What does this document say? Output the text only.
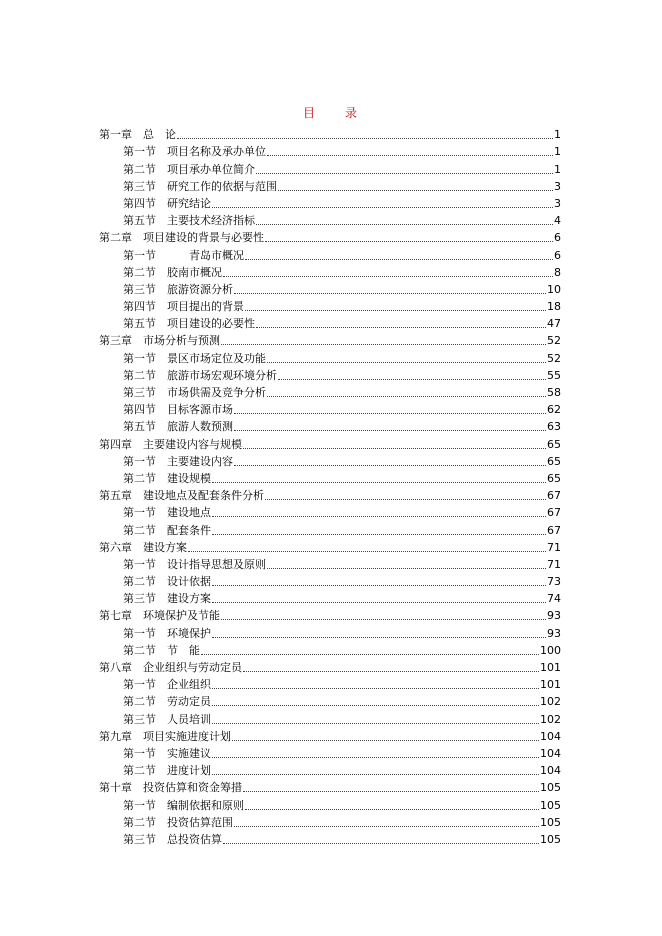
目　　录
第一章　总　论	1
第一节　项目名称及承办单位	1
第二节　项目承办单位简介	1
第三节　研究工作的依据与范围	3
第四节　研究结论	3
第五节　主要技术经济指标	4
第二章　项目建设的背景与必要性	6
第一节　　　青岛市概况	6
第二节　胶南市概况	8
第三节　旅游资源分析	10
第四节　项目提出的背景	18
第五节　项目建设的必要性	47
第三章　市场分析与预测	52
第一节　景区市场定位及功能	52
第二节　旅游市场宏观环境分析	55
第三节　市场供需及竞争分析	58
第四节　目标客源市场	62
第五节　旅游人数预测	63
第四章　主要建设内容与规模	65
第一节　主要建设内容	65
第二节　建设规模	65
第五章　建设地点及配套条件分析	67
第一节　建设地点	67
第二节　配套条件	67
第六章　建设方案	71
第一节　设计指导思想及原则	71
第二节　设计依据	73
第三节　建设方案	74
第七章　环境保护及节能	93
第一节　环境保护	93
第二节　节　能	100
第八章　企业组织与劳动定员	101
第一节　企业组织	101
第二节　劳动定员	102
第三节　人员培训	102
第九章　项目实施进度计划	104
第一节　实施建议	104
第二节　进度计划	104
第十章　投资估算和资金筹措	105
第一节　编制依据和原则	105
第二节　投资估算范围	105
第三节　总投资估算	105
